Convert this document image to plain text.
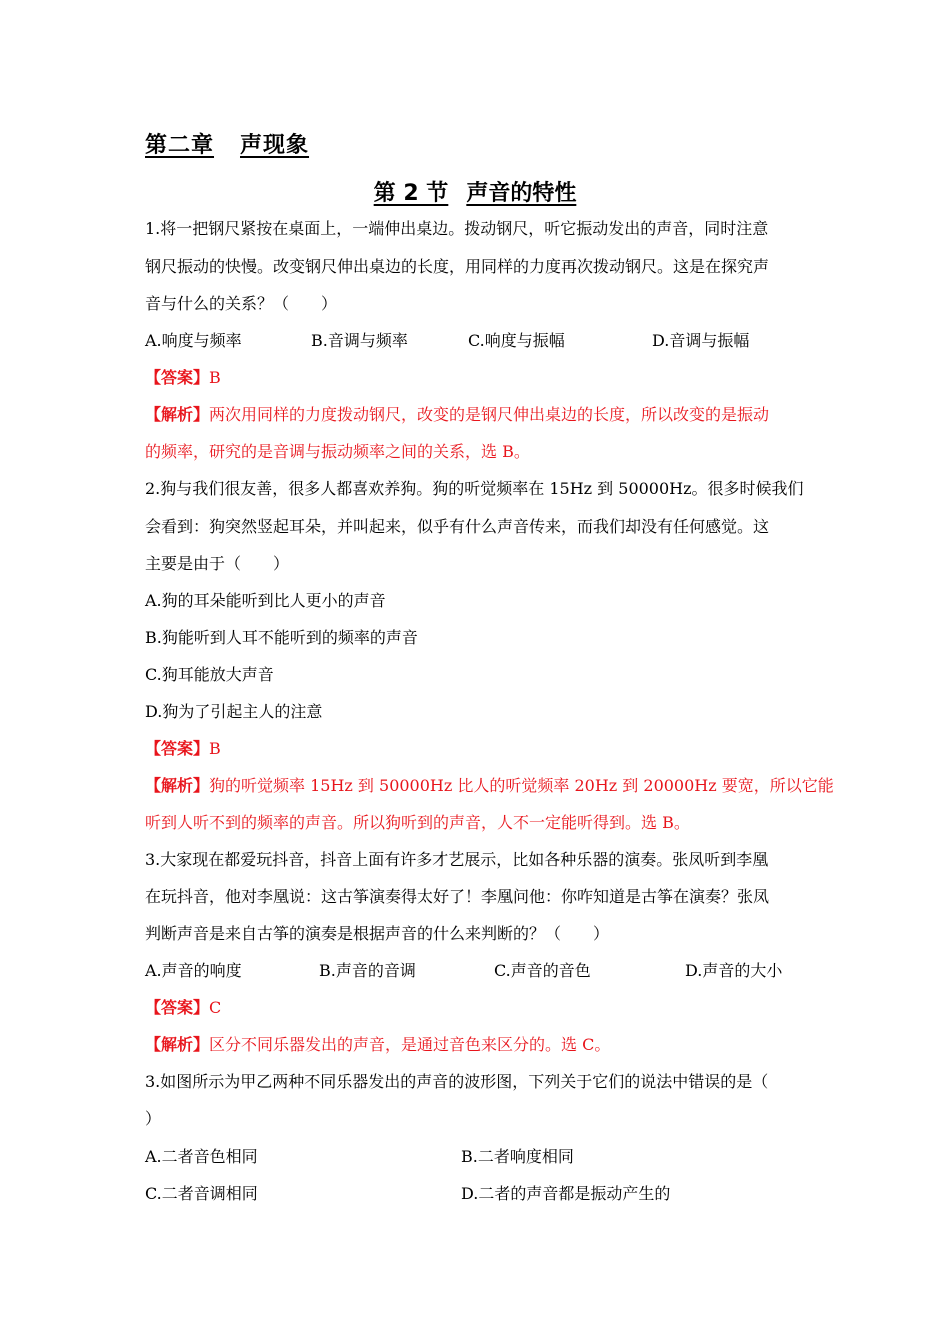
第二章 声现象
第 2 节 声音的特性
1.将一把钢尺紧按在桌面上，一端伸出桌边。拨动钢尺，听它振动发出的声音，同时注意
钢尺振动的快慢。改变钢尺伸出桌边的长度，用同样的力度再次拨动钢尺。这是在探究声
音与什么的关系？（　　）
A.响度与频率	B.音调与频率	C.响度与振幅	D.音调与振幅
【答案】B
【解析】两次用同样的力度拨动钢尺，改变的是钢尺伸出桌边的长度，所以改变的是振动
的频率，研究的是音调与振动频率之间的关系，选 B。
2.狗与我们很友善，很多人都喜欢养狗。狗的听觉频率在 15Hz 到 50000Hz。很多时候我们
会看到：狗突然竖起耳朵，并叫起来，似乎有什么声音传来，而我们却没有任何感觉。这
主要是由于（　　）
A.狗的耳朵能听到比人更小的声音
B.狗能听到人耳不能听到的频率的声音
C.狗耳能放大声音
D.狗为了引起主人的注意
【答案】B
【解析】狗的听觉频率 15Hz 到 50000Hz 比人的听觉频率 20Hz 到 20000Hz 要宽，所以它能
听到人听不到的频率的声音。所以狗听到的声音，人不一定能听得到。选 B。
3.大家现在都爱玩抖音，抖音上面有许多才艺展示，比如各种乐器的演奏。张凤听到李凰
在玩抖音，他对李凰说：这古筝演奏得太好了！李凰问他：你咋知道是古筝在演奏？张凤
判断声音是来自古筝的演奏是根据声音的什么来判断的？（　　）
A.声音的响度	B.声音的音调	C.声音的音色	D.声音的大小
【答案】C
【解析】区分不同乐器发出的声音，是通过音色来区分的。选 C。
3.如图所示为甲乙两种不同乐器发出的声音的波形图，下列关于它们的说法中错误的是（
）
A.二者音色相同	B.二者响度相同
C.二者音调相同	D.二者的声音都是振动产生的
